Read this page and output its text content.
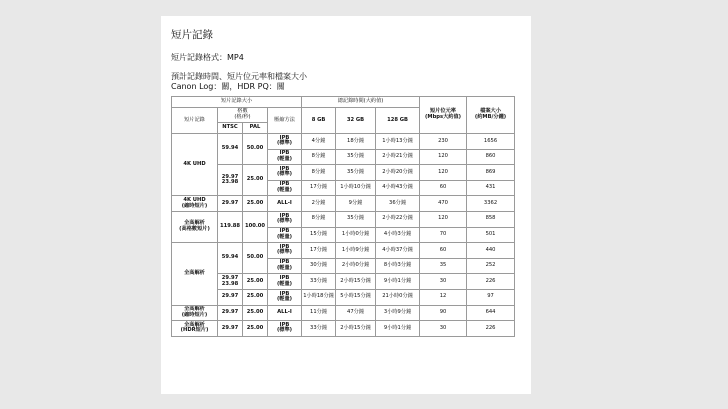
短片記錄
短片記錄格式：MP4
預計記錄時間、短片位元率和檔案大小
Canon Log：關，HDR PQ：關
短片記錄大小				總記錄時間(大約值)			短片位元率
(Mbps大約值)	檔案大小
(約MB/分鐘)
短片記錄	格數
(格/秒)		壓縮方法	8 GB	32 GB	128 GB		
	NTSC	PAL						
4K UHD	59.94	50.00	IPB
(標準)	4分鐘	18分鐘	1小時13分鐘	230	1656
			IPB
(輕量)	8分鐘	35分鐘	2小時21分鐘	120	860
	29.97
23.98	25.00	IPB
(標準)	8分鐘	35分鐘	2小時20分鐘	120	869
			IPB
(輕量)	17分鐘	1小時10分鐘	4小時43分鐘	60	431
4K UHD
(縮時短片)	29.97	25.00	ALL-I	2分鐘	9分鐘	36分鐘	470	3362
全高解析
(高格數短片)	119.88	100.00	IPB
(標準)	8分鐘	35分鐘	2小時22分鐘	120	858
			IPB
(輕量)	15分鐘	1小時0分鐘	4小時3分鐘	70	501
全高解析	59.94	50.00	IPB
(標準)	17分鐘	1小時9分鐘	4小時37分鐘	60	440
			IPB
(輕量)	30分鐘	2小時0分鐘	8小時3分鐘	35	252
	29.97
23.98	25.00	IPB
(輕量)	33分鐘	2小時15分鐘	9小時1分鐘	30	226
	29.97	25.00	IPB
(輕量)	1小時18分鐘	5小時15分鐘	21小時0分鐘	12	97
全高解析
(縮時短片)	29.97	25.00	ALL-I	11分鐘	47分鐘	3小時9分鐘	90	644
全高解析
(HDR短片)	29.97	25.00	IPB
(標準)	33分鐘	2小時15分鐘	9小時1分鐘	30	226
